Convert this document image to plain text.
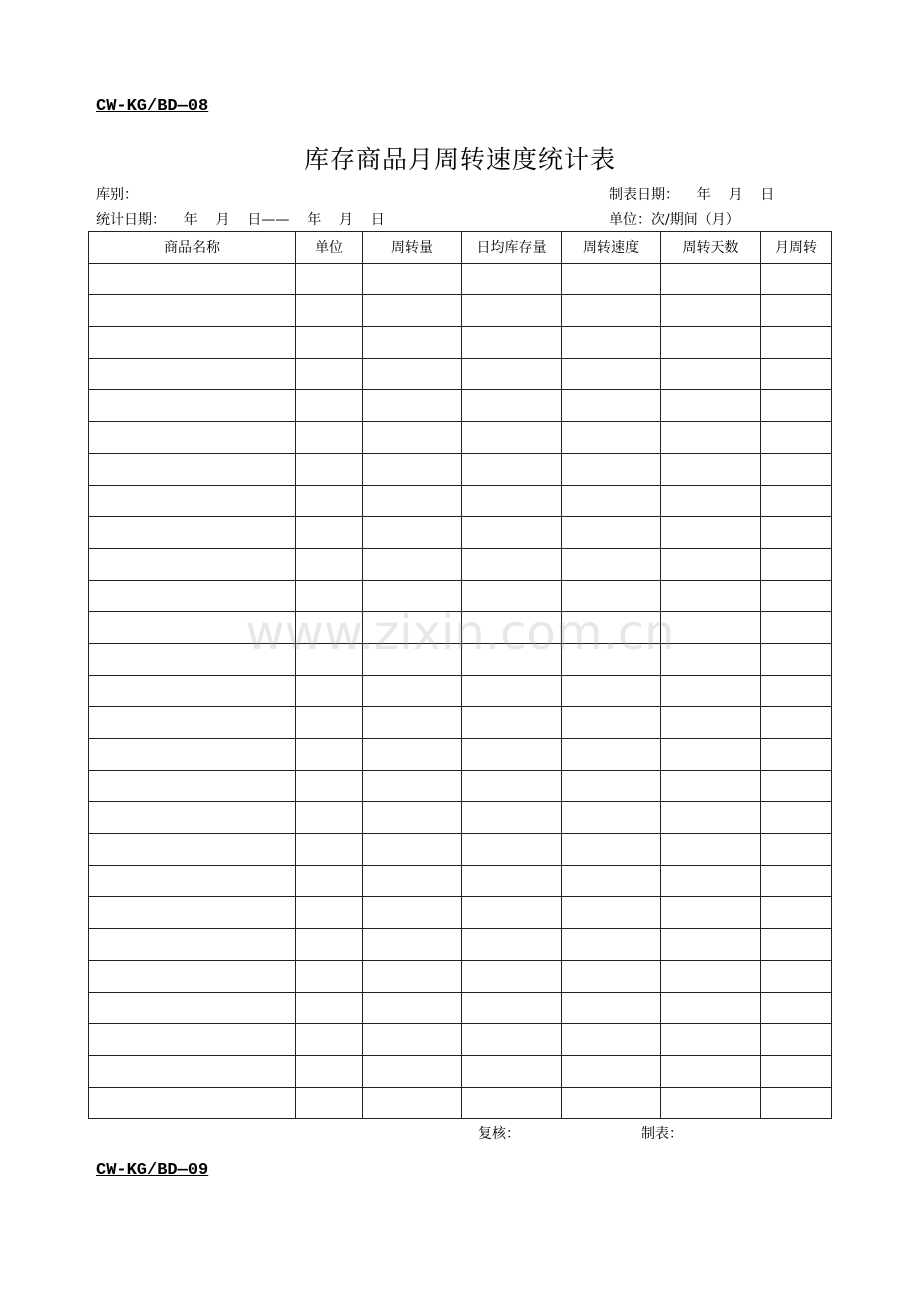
CW-KG/BD—08
库存商品月周转速度统计表
库别：	制表日期：    年    月    日
统计日期：    年    月    日——    年    月    日	单位：次/期间（月）
商品名称	单位	周转量	日均库存量	周转速度	周转天数	月周转

复核：	制表：
CW-KG/BD—09
www.zixin.com.cn
